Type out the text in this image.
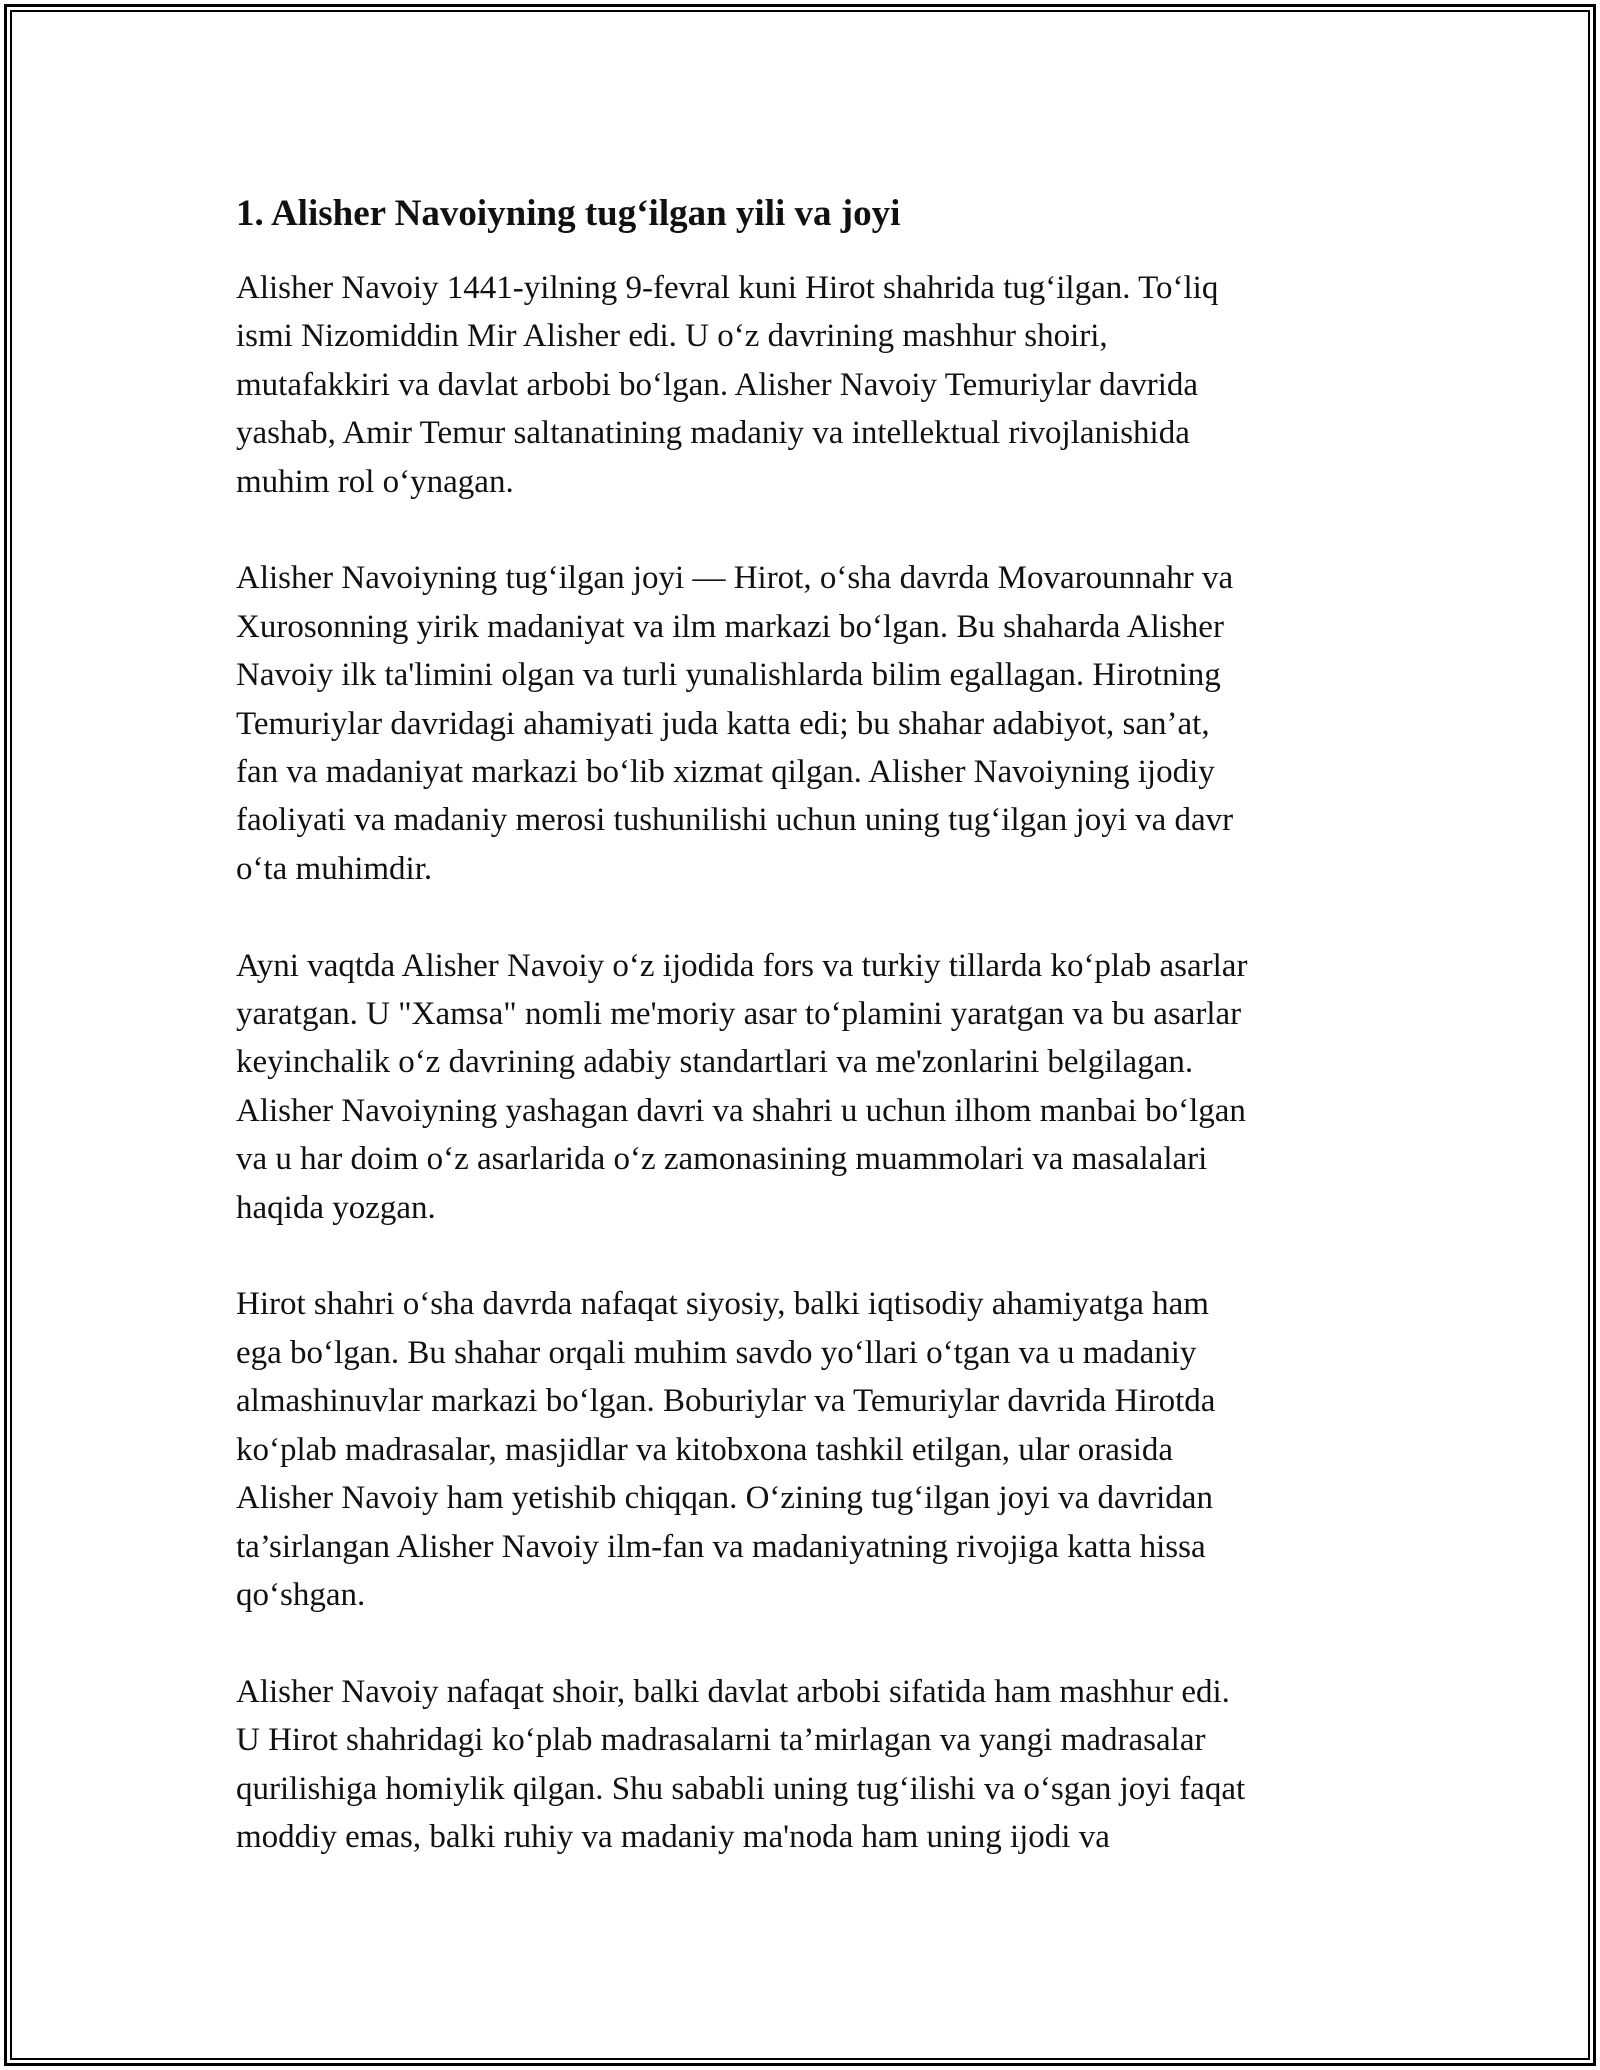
1. Alisher Navoiyning tug‘ilgan yili va joyi

Alisher Navoiy 1441-yilning 9-fevral kuni Hirot shahrida tug‘ilgan. To‘liq
ismi Nizomiddin Mir Alisher edi. U o‘z davrining mashhur shoiri,
mutafakkiri va davlat arbobi bo‘lgan. Alisher Navoiy Temuriylar davrida
yashab, Amir Temur saltanatining madaniy va intellektual rivojlanishida
muhim rol o‘ynagan.

Alisher Navoiyning tug‘ilgan joyi — Hirot, o‘sha davrda Movarounnahr va
Xurosonning yirik madaniyat va ilm markazi bo‘lgan. Bu shaharda Alisher
Navoiy ilk ta'limini olgan va turli yunalishlarda bilim egallagan. Hirotning
Temuriylar davridagi ahamiyati juda katta edi; bu shahar adabiyot, san’at,
fan va madaniyat markazi bo‘lib xizmat qilgan. Alisher Navoiyning ijodiy
faoliyati va madaniy merosi tushunilishi uchun uning tug‘ilgan joyi va davr
o‘ta muhimdir.

Ayni vaqtda Alisher Navoiy o‘z ijodida fors va turkiy tillarda ko‘plab asarlar
yaratgan. U "Xamsa" nomli me'moriy asar to‘plamini yaratgan va bu asarlar
keyinchalik o‘z davrining adabiy standartlari va me'zonlarini belgilagan.
Alisher Navoiyning yashagan davri va shahri u uchun ilhom manbai bo‘lgan
va u har doim o‘z asarlarida o‘z zamonasining muammolari va masalalari
haqida yozgan.

Hirot shahri o‘sha davrda nafaqat siyosiy, balki iqtisodiy ahamiyatga ham
ega bo‘lgan. Bu shahar orqali muhim savdo yo‘llari o‘tgan va u madaniy
almashinuvlar markazi bo‘lgan. Boburiylar va Temuriylar davrida Hirotda
ko‘plab madrasalar, masjidlar va kitobxona tashkil etilgan, ular orasida
Alisher Navoiy ham yetishib chiqqan. O‘zining tug‘ilgan joyi va davridan
ta’sirlangan Alisher Navoiy ilm-fan va madaniyatning rivojiga katta hissa
qo‘shgan.

Alisher Navoiy nafaqat shoir, balki davlat arbobi sifatida ham mashhur edi.
U Hirot shahridagi ko‘plab madrasalarni ta’mirlagan va yangi madrasalar
qurilishiga homiylik qilgan. Shu sababli uning tug‘ilishi va o‘sgan joyi faqat
moddiy emas, balki ruhiy va madaniy ma'noda ham uning ijodi va
